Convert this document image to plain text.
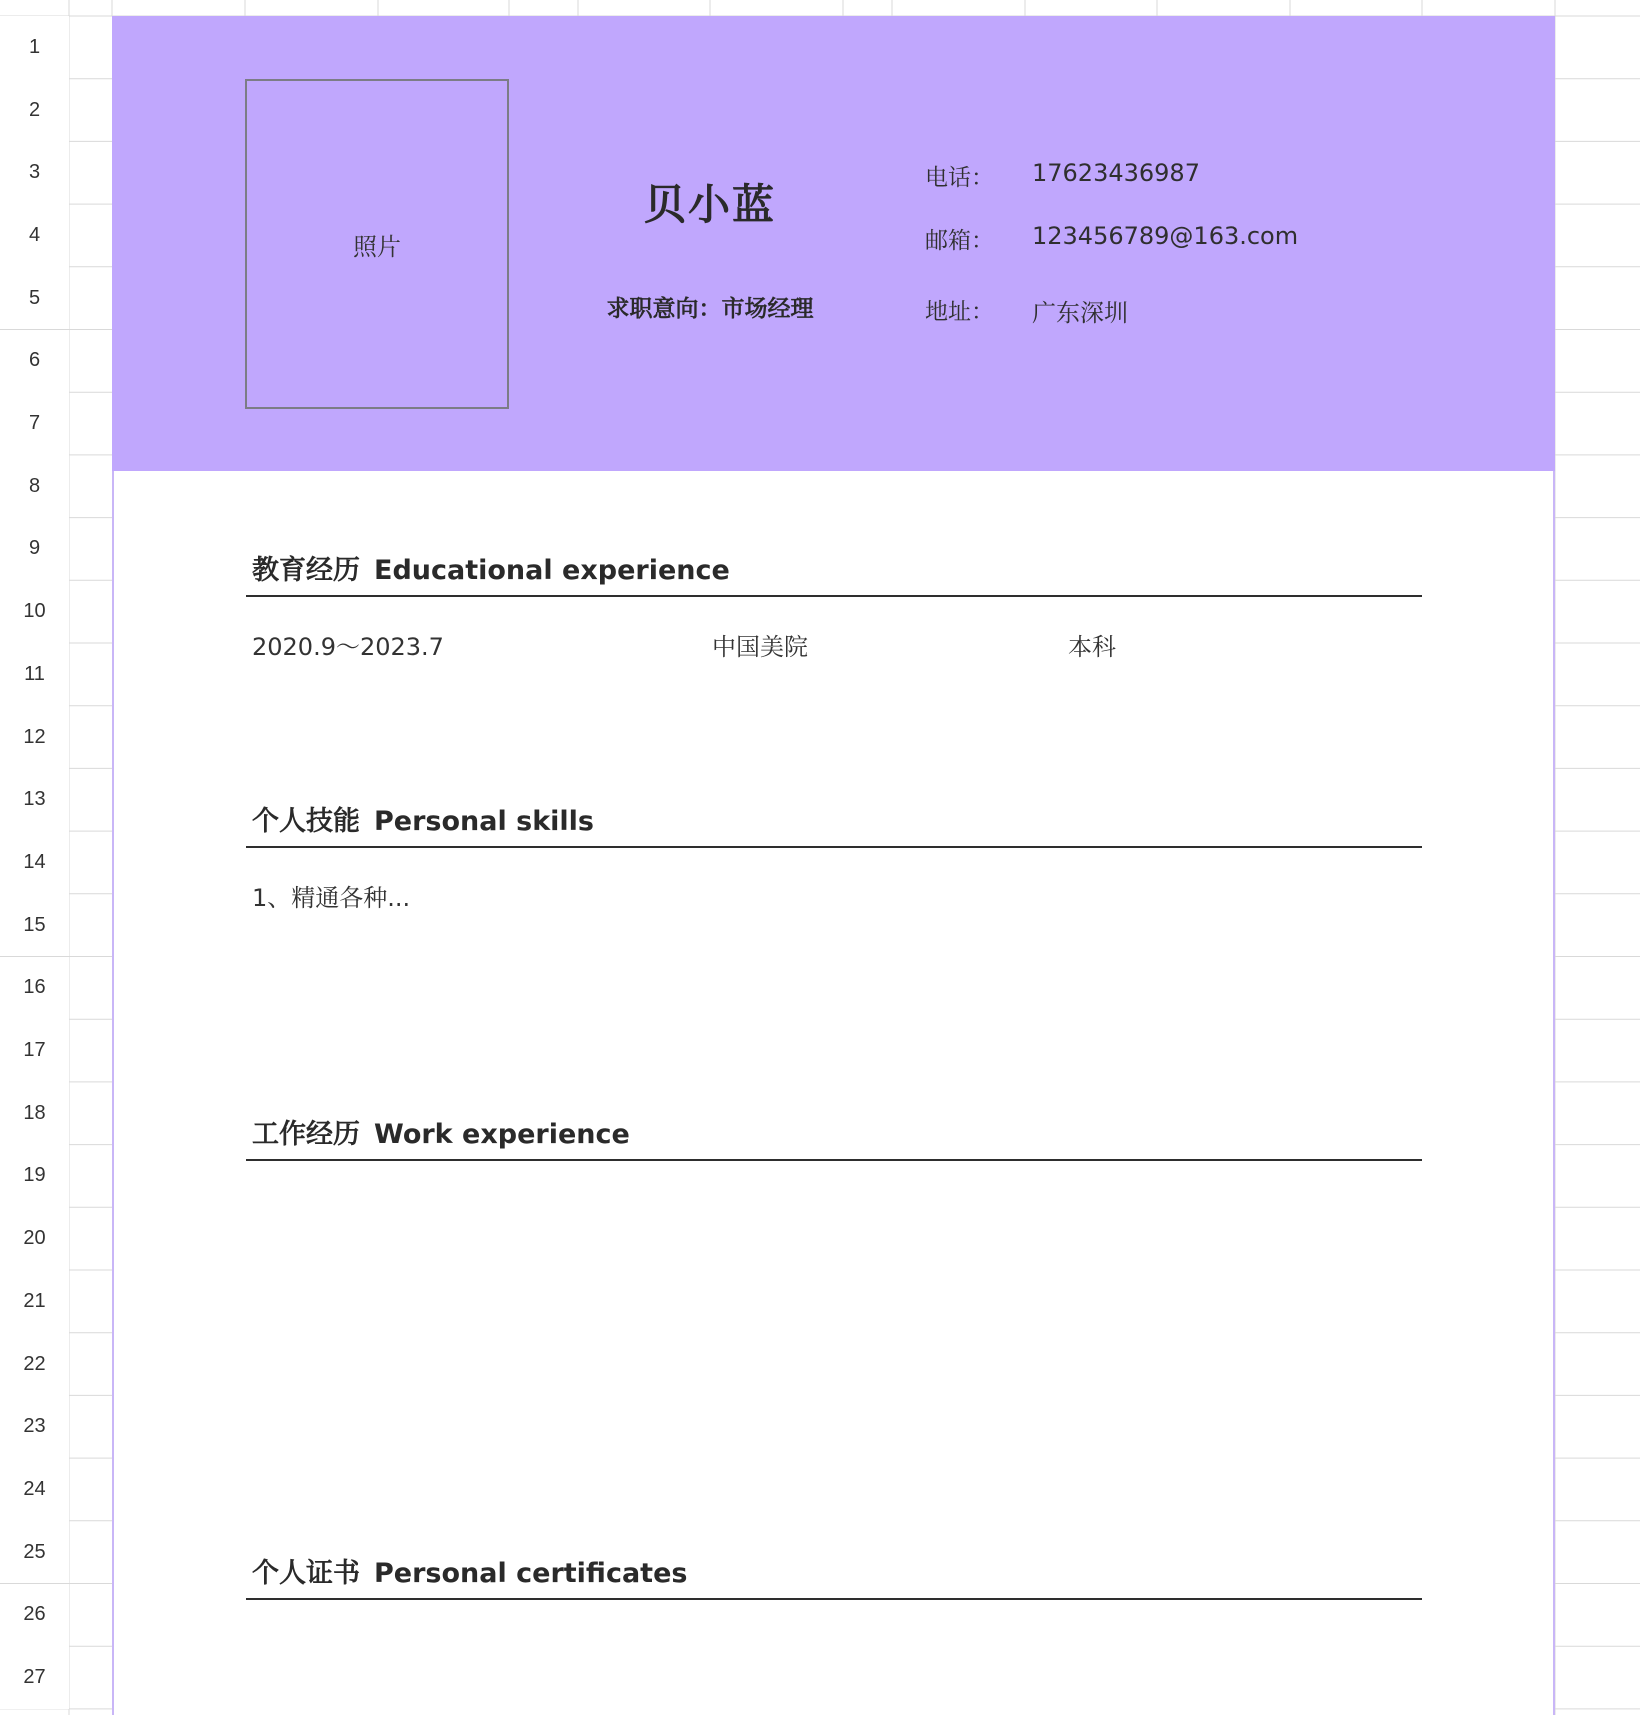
1
2
3
4
5
6
7
8
9
10
11
12
13
14
15
16
17
18
19
20
21
22
23
24
25
26
27
照片
贝小蓝
求职意向：市场经理
电话： 17623436987
邮箱： 123456789@163.com
地址： 广东深圳
教育经历 Educational experience
2020.9～2023.7	中国美院	本科
个人技能 Personal skills
1、精通各种...
工作经历 Work experience
个人证书 Personal certificates
